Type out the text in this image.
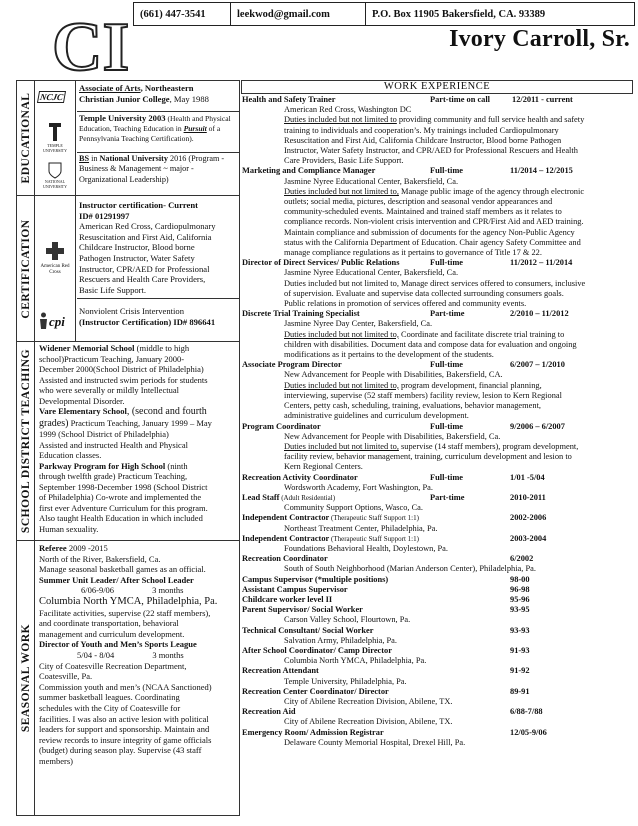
CI (661) 447-3541	leekwod@gmail.com	P.O. Box 11905 Bakersfield, CA. 93389
Ivory Carroll, Sr.
EDUCATIONAL NCJC
TEMPLE UNIVERSITY
NATIONAL UNIVERSITY
Associate of Arts, Northeastern
Christian Junior College, May 1988
Temple University 2003 (Health and Physical
Education, Teaching Education in Pursuit of a
Pennsylvania Teaching Certification).
BS in National University 2016 (Program -
Business & Management ~ major -
Organizational Leadership)
CERTIFICATION	American Red Cross
cpi
Instructor certification- Current
ID# 01291997
American Red Cross, Cardiopulmonary
Resuscitation and First Aid, California
Childcare Instructor, Blood borne
Pathogen Instructor, Water Safety
Instructor, CPR/AED for Professional
Rescuers and Health Care Providers,
Basic Life Support.
Nonviolent Crisis Intervention
(Instructor Certification) ID# 896641
SCHOOL DISTRICT TEACHING
Widener Memorial School (middle to high
school)Practicum Teaching, January 2000-
December 2000(School District of Philadelphia)
Assisted and instructed swim periods for students
who were severally or mildly Intellectual
Developmental Disorder.
Vare Elementary School, (second and fourth
grades) Practicum Teaching, January 1999 – May
1999 (School District of Philadelphia)
Assisted and instructed Health and Physical
Education classes.
Parkway Program for High School (ninth
through twelfth grade) Practicum Teaching,
September 1998-December 1998 (School District
of Philadelphia) Co-wrote and implemented the
first ever Adventure Curriculum for this program.
Also taught Health Education in which included
Human sexuality.

SEASONAL WORK
Referee 2009 -2015
North of the River, Bakersfield, Ca.
Manage seasonal basketball games as an official.
Summer Unit Leader/ After School Leader
6/06-9/06	3 months
Columbia North YMCA, Philadelphia, Pa.
Facilitate activities, supervise (22 staff members),
and coordinate transportation, behavioral
management and curriculum development.
Director of Youth and Men’s Sports League
5/04 - 8/04	3 months
City of Coatesville Recreation Department,
Coatesville, Pa.
Commission youth and men’s (NCAA Sanctioned)
summer basketball leagues. Coordinating
schedules with the City of Coatesville for
facilities. I was also an active lesion with political
leaders for support and sponsorship. Maintain and
review records to insure integrity of game officials
(budget) during season play. Supervise (43 staff
members)

WORK EXPERIENCE
Health and Safety Trainer	Part-time on call	12/2011 - current
American Red Cross, Washington DC
Duties included but not limited to providing community and full service health and safety
training to individuals and cooperation’s. My trainings included Cardiopulmonary
Resuscitation and First Aid, California Childcare Instructor, Blood borne Pathogen
Instructor, Water Safety Instructor, and CPR/AED for Professional Rescuers and Health
Care Providers, Basic Life Support.
Marketing and Compliance Manager	Full-time	11/2014 – 12/2015
Jasmine Nyree Educational Center, Bakersfield, Ca.
Duties included but not limited to, Manage public image of the agency through electronic
outlets; social media, pictures, description and seasonal vendor appearances and
community-scheduled events. Maintained and trained staff members as it relates to
compliance records. Non-violent crisis intervention and CPR/First Aid and AED training.
Maintain compliance and submission of documents for the agency Non-Public Agency
status with the California Department of Education. Chair agency Safety Committee and
manage compliance regulations as it pertains to governance of Title 17 & 22.
Director of Direct Services/ Public Relations	Full-time	11/2012 – 11/2014
Jasmine Nyree Educational Center, Bakersfield, Ca.
Duties included but not limited to, Manage direct services offered to consumers, inclusive
of supervision. Evaluate and supervise data collected surrounding consumers goals.
Public relations in promotion of services offered and community events.
Discrete Trial Training Specialist	Part-time	2/2010 – 11/2012
Jasmine Nyree Day Center, Bakersfield, Ca.
Duties included but not limited to, Coordinate and facilitate discrete trial training to
children with disabilities. Document data and compose data for evaluation and ongoing
modifications as it pertains to the development of the students.
Associate Program Director	Full-time	6/2007 – 1/2010
New Advancement for People with Disabilities, Bakersfield, CA.
Duties included but not limited to, program development, financial planning,
interviewing, supervise (52 staff members) facility review, lesion to Kern Regional
Centers, petty cash, scheduling, training, evaluations, behavior management,
administrative guidelines and curriculum development.
Program Coordinator	Full-time	9/2006 – 6/2007
New Advancement for People with Disabilities, Bakersfield, Ca.
Duties included but not limited to, supervise (14 staff members), program development,
facility review, behavior management, training, curriculum development and lesion to
Kern Regional Centers.
Recreation Activity Coordinator	Full-time	1/01 -5/04
Wordsworth Academy, Fort Washington, Pa.
Lead Staff (Adult Residential)	Part-time	2010-2011
Community Support Options, Wasco, Ca.
Independent Contractor (Therapeutic Staff Support 1:1)	2002-2006
Northeast Treatment Center, Philadelphia, Pa.
Independent Contractor (Therapeutic Staff Support 1:1)	2003-2004
Foundations Behavioral Health, Doylestown, Pa.
Recreation Coordinator	6/2002
South of South Neighborhood (Marian Anderson Center), Philadelphia, Pa.
Campus Supervisor (*multiple positions)	98-00
Assistant Campus Supervisor	96-98
Childcare worker level II	95-96
Parent Supervisor/ Social Worker	93-95
Carson Valley School, Flourtown, Pa.
Technical Consultant/ Social Worker	93-93
Salvation Army, Philadelphia, Pa.
After School Coordinator/ Camp Director	91-93
Columbia North YMCA, Philadelphia, Pa.
Recreation Attendant	91-92
Temple University, Philadelphia, Pa.
Recreation Center Coordinator/ Director	89-91
City of Abilene Recreation Division, Abilene, TX.
Recreation Aid	6/88-7/88
City of Abilene Recreation Division, Abilene, TX.
Emergency Room/ Admission Registrar	12/05-9/06
Delaware County Memorial Hospital, Drexel Hill, Pa.
